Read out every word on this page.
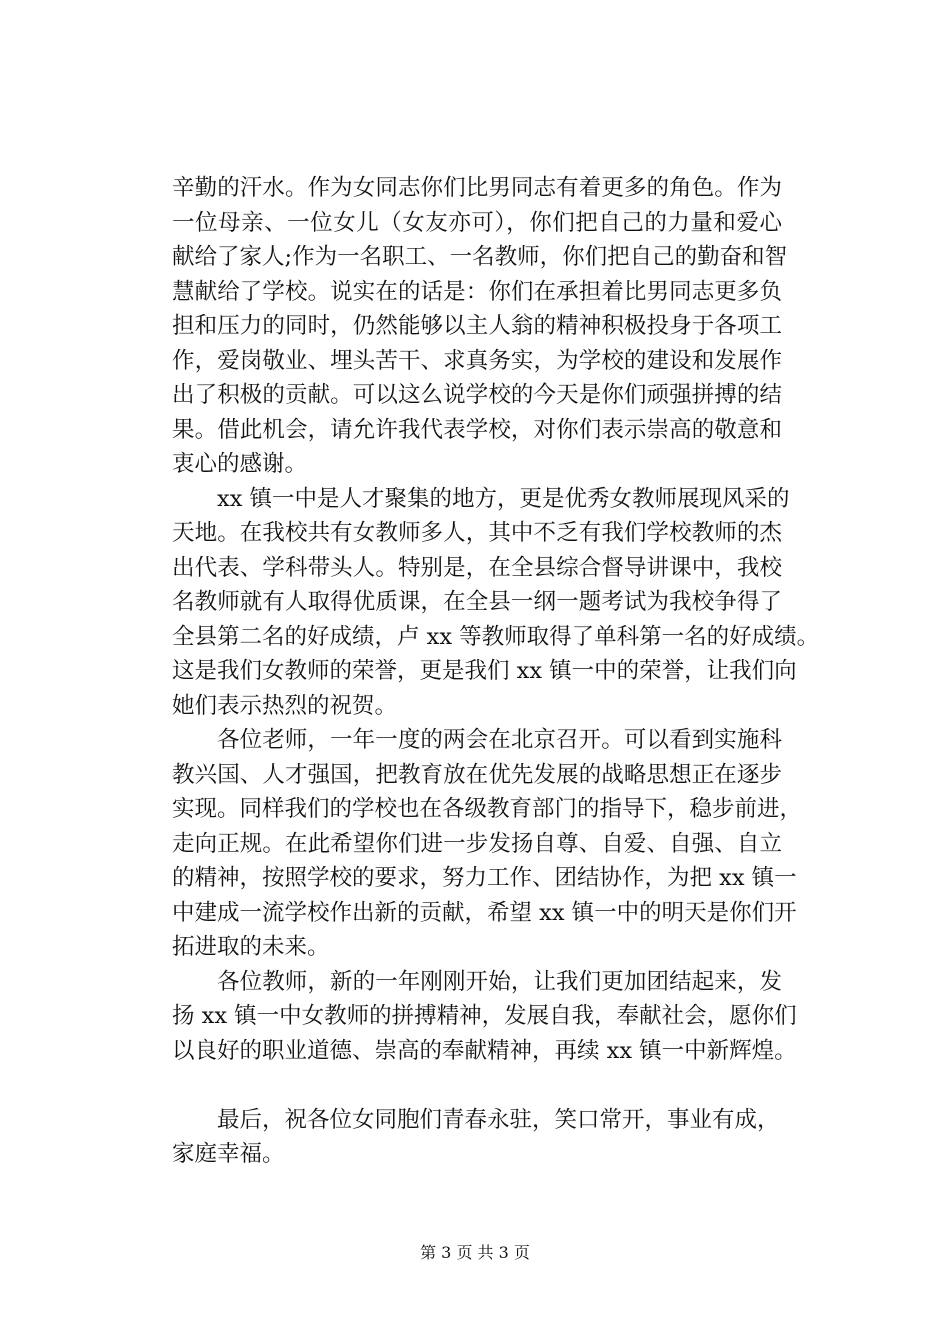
辛勤的汗水。作为女同志你们比男同志有着更多的角色。作为
一位母亲、一位女儿（女友亦可），你们把自己的力量和爱心
献给了家人;作为一名职工、一名教师，你们把自己的勤奋和智
慧献给了学校。说实在的话是：你们在承担着比男同志更多负
担和压力的同时，仍然能够以主人翁的精神积极投身于各项工
作，爱岗敬业、埋头苦干、求真务实，为学校的建设和发展作
出了积极的贡献。可以这么说学校的今天是你们顽强拼搏的结
果。借此机会，请允许我代表学校，对你们表示崇高的敬意和
衷心的感谢。
xx 镇一中是人才聚集的地方，更是优秀女教师展现风采的
天地。在我校共有女教师多人，其中不乏有我们学校教师的杰
出代表、学科带头人。特别是，在全县综合督导讲课中，我校
名教师就有人取得优质课，在全县一纲一题考试为我校争得了
全县第二名的好成绩，卢 xx 等教师取得了单科第一名的好成绩。
这是我们女教师的荣誉，更是我们 xx 镇一中的荣誉，让我们向
她们表示热烈的祝贺。
各位老师，一年一度的两会在北京召开。可以看到实施科
教兴国、人才强国，把教育放在优先发展的战略思想正在逐步
实现。同样我们的学校也在各级教育部门的指导下，稳步前进，
走向正规。在此希望你们进一步发扬自尊、自爱、自强、自立
的精神，按照学校的要求，努力工作、团结协作，为把 xx 镇一
中建成一流学校作出新的贡献，希望 xx 镇一中的明天是你们开
拓进取的未来。
各位教师，新的一年刚刚开始，让我们更加团结起来，发
扬 xx 镇一中女教师的拼搏精神，发展自我，奉献社会，愿你们
以良好的职业道德、崇高的奉献精神，再续 xx 镇一中新辉煌。
最后，祝各位女同胞们青春永驻，笑口常开，事业有成，
家庭幸福。
第 3 页 共 3 页
